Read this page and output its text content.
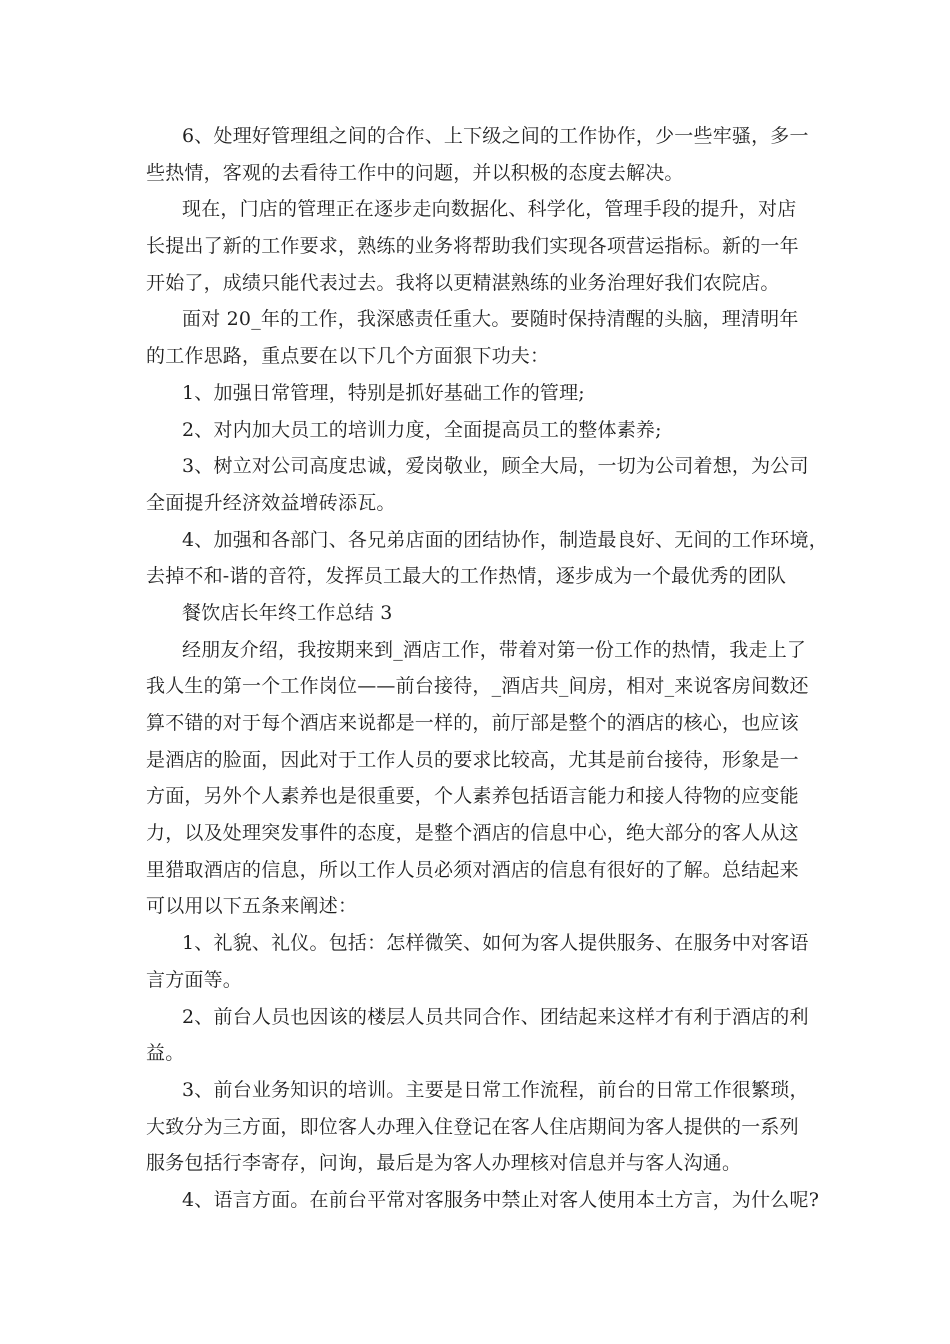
6、处理好管理组之间的合作、上下级之间的工作协作，少一些牢骚，多一
些热情，客观的去看待工作中的问题，并以积极的态度去解决。
现在，门店的管理正在逐步走向数据化、科学化，管理手段的提升，对店
长提出了新的工作要求，熟练的业务将帮助我们实现各项营运指标。新的一年
开始了，成绩只能代表过去。我将以更精湛熟练的业务治理好我们农院店。
面对 20_年的工作，我深感责任重大。要随时保持清醒的头脑，理清明年
的工作思路，重点要在以下几个方面狠下功夫：
1、加强日常管理，特别是抓好基础工作的管理;
2、对内加大员工的培训力度，全面提高员工的整体素养;
3、树立对公司高度忠诚，爱岗敬业，顾全大局，一切为公司着想，为公司
全面提升经济效益增砖添瓦。
4、加强和各部门、各兄弟店面的团结协作，制造最良好、无间的工作环境，
去掉不和-谐的音符，发挥员工最大的工作热情，逐步成为一个最优秀的团队
餐饮店长年终工作总结 3
经朋友介绍，我按期来到_酒店工作，带着对第一份工作的热情，我走上了
我人生的第一个工作岗位——前台接待，_酒店共_间房，相对_来说客房间数还
算不错的对于每个酒店来说都是一样的，前厅部是整个的酒店的核心，也应该
是酒店的脸面，因此对于工作人员的要求比较高，尤其是前台接待，形象是一
方面，另外个人素养也是很重要，个人素养包括语言能力和接人待物的应变能
力，以及处理突发事件的态度，是整个酒店的信息中心，绝大部分的客人从这
里猎取酒店的信息，所以工作人员必须对酒店的信息有很好的了解。总结起来
可以用以下五条来阐述：
1、礼貌、礼仪。包括：怎样微笑、如何为客人提供服务、在服务中对客语
言方面等。
2、前台人员也因该的楼层人员共同合作、团结起来这样才有利于酒店的利
益。
3、前台业务知识的培训。主要是日常工作流程，前台的日常工作很繁琐，
大致分为三方面，即位客人办理入住登记在客人住店期间为客人提供的一系列
服务包括行李寄存，问询，最后是为客人办理核对信息并与客人沟通。
4、语言方面。在前台平常对客服务中禁止对客人使用本土方言，为什么呢?
